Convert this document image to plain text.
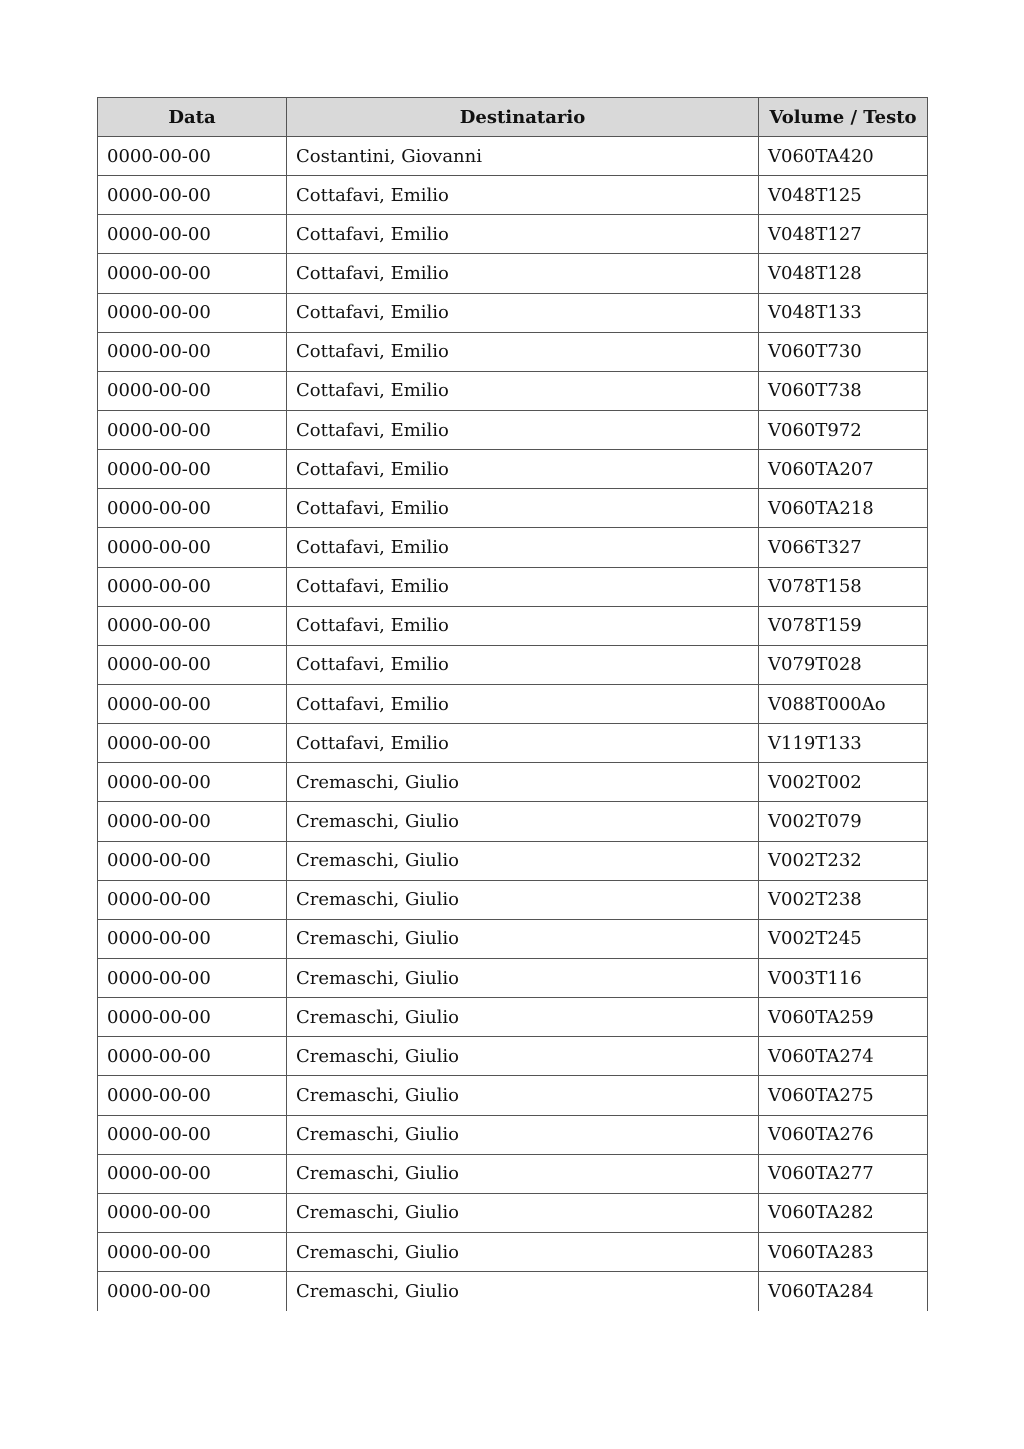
Data	Destinatario	Volume / Testo
0000-00-00	Costantini, Giovanni	V060TA420
0000-00-00	Cottafavi, Emilio	V048T125
0000-00-00	Cottafavi, Emilio	V048T127
0000-00-00	Cottafavi, Emilio	V048T128
0000-00-00	Cottafavi, Emilio	V048T133
0000-00-00	Cottafavi, Emilio	V060T730
0000-00-00	Cottafavi, Emilio	V060T738
0000-00-00	Cottafavi, Emilio	V060T972
0000-00-00	Cottafavi, Emilio	V060TA207
0000-00-00	Cottafavi, Emilio	V060TA218
0000-00-00	Cottafavi, Emilio	V066T327
0000-00-00	Cottafavi, Emilio	V078T158
0000-00-00	Cottafavi, Emilio	V078T159
0000-00-00	Cottafavi, Emilio	V079T028
0000-00-00	Cottafavi, Emilio	V088T000Ao
0000-00-00	Cottafavi, Emilio	V119T133
0000-00-00	Cremaschi, Giulio	V002T002
0000-00-00	Cremaschi, Giulio	V002T079
0000-00-00	Cremaschi, Giulio	V002T232
0000-00-00	Cremaschi, Giulio	V002T238
0000-00-00	Cremaschi, Giulio	V002T245
0000-00-00	Cremaschi, Giulio	V003T116
0000-00-00	Cremaschi, Giulio	V060TA259
0000-00-00	Cremaschi, Giulio	V060TA274
0000-00-00	Cremaschi, Giulio	V060TA275
0000-00-00	Cremaschi, Giulio	V060TA276
0000-00-00	Cremaschi, Giulio	V060TA277
0000-00-00	Cremaschi, Giulio	V060TA282
0000-00-00	Cremaschi, Giulio	V060TA283
0000-00-00	Cremaschi, Giulio	V060TA284
